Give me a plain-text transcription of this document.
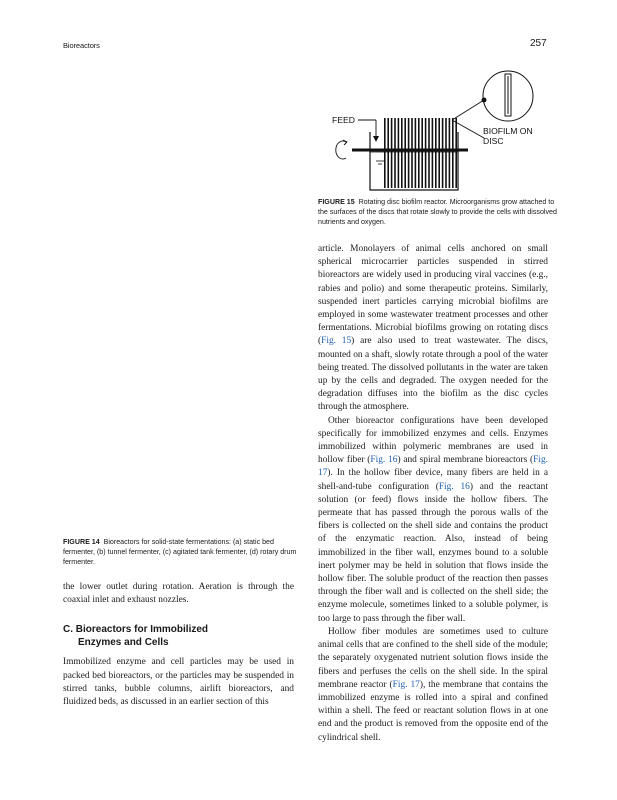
Bioreactors	257
FEED
BIOFILM ON
DISC
FIGURE 15 Rotating disc biofilm reactor. Microorganisms grow attached to the surfaces of the discs that rotate slowly to provide the cells with dissolved nutrients and oxygen.
FIGURE 14 Bioreactors for solid-state fermentations: (a) static bed fermenter, (b) tunnel fermenter, (c) agitated tank fermenter, (d) rotary drum fermenter.

article. Monolayers of animal cells anchored on small spherical microcarrier particles suspended in stirred bioreactors are widely used in producing viral vaccines (e.g., rabies and polio) and some therapeutic proteins. Similarly, suspended inert particles carrying microbial biofilms are employed in some wastewater treatment processes and other fermentations. Microbial biofilms growing on rotating discs (Fig. 15) are also used to treat wastewater. The discs, mounted on a shaft, slowly rotate through a pool of the water being treated. The dissolved pollutants in the water are taken up by the cells and degraded. The oxygen needed for the degradation diffuses into the biofilm as the disc cycles through the atmosphere.

Other bioreactor configurations have been developed specifically for immobilized enzymes and cells. Enzymes immobilized within polymeric membranes are used in hollow fiber (Fig. 16) and spiral membrane bioreactors (Fig. 17). In the hollow fiber device, many fibers are held in a shell-and-tube configuration (Fig. 16) and the reactant solution (or feed) flows inside the hollow fibers. The permeate that has passed through the porous walls of the fibers is collected on the shell side and contains the product of the enzymatic reaction. Also, instead of being immobilized in the fiber wall, enzymes bound to a soluble inert polymer may be held in solution that flows inside the hollow fiber. The soluble product of the reaction then passes through the fiber wall and is collected on the shell side; the enzyme molecule, sometimes linked to a soluble polymer, is too large to pass through the fiber wall.

Hollow fiber modules are sometimes used to culture animal cells that are confined to the shell side of the module; the separately oxygenated nutrient solution flows inside the fibers and perfuses the cells on the shell side. In the spiral membrane reactor (Fig. 17), the membrane that contains the immobilized enzyme is rolled into a spiral and confined within a shell. The feed or reactant solution flows in at one end and the product is removed from the opposite end of the cylindrical shell.

the lower outlet during rotation. Aeration is through the coaxial inlet and exhaust nozzles.

C. Bioreactors for Immobilized
Enzymes and Cells

Immobilized enzyme and cell particles may be used in packed bed bioreactors, or the particles may be suspended in stirred tanks, bubble columns, airlift bioreactors, and fluidized beds, as discussed in an earlier section of this
